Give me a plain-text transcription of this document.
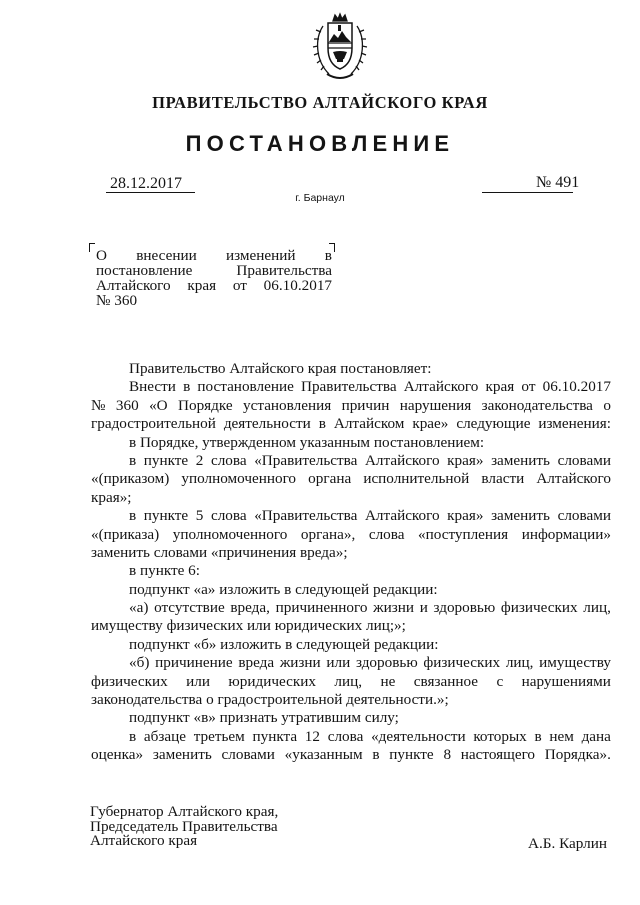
ПРАВИТЕЛЬСТВО АЛТАЙСКОГО КРАЯ
ПОСТАНОВЛЕНИЕ
28.12.2017	№ 491
г. Барнаул
О внесении изменений в
постановление	Правительства
Алтайского края от 06.10.2017
№ 360
Правительство Алтайского края постановляет:
Внести в постановление Правительства Алтайского края от 06.10.2017
№ 360 «О Порядке установления причин нарушения законодательства о
градостроительной деятельности в Алтайском крае» следующие изменения:
в Порядке, утвержденном указанным постановлением:
в пункте 2 слова «Правительства Алтайского края» заменить словами
«(приказом) уполномоченного органа исполнительной власти Алтайского
края»;
в пункте 5 слова «Правительства Алтайского края» заменить словами
«(приказа) уполномоченного органа», слова «поступления информации»
заменить словами «причинения вреда»;
в пункте 6:
подпункт «а» изложить в следующей редакции:
«а) отсутствие вреда, причиненного жизни и здоровью физических лиц,
имуществу физических или юридических лиц;»;
подпункт «б» изложить в следующей редакции:
«б) причинение вреда жизни или здоровью физических лиц, имуществу
физических или юридических лиц, не связанное с нарушениями
законодательства о градостроительной деятельности.»;
подпункт «в» признать утратившим силу;
в абзаце третьем пункта 12 слова «деятельности которых в нем дана
оценка» заменить словами «указанным в пункте 8 настоящего Порядка».
Губернатор Алтайского края,
Председатель Правительства
Алтайского края	А.Б. Карлин
